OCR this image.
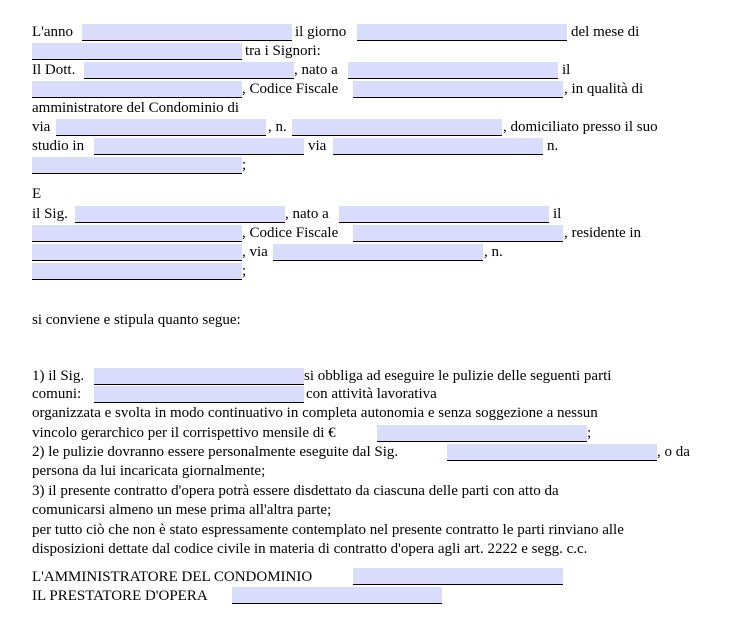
L'anno	il giorno	del mese di
tra i Signori:
Il Dott.	, nato a	il
, Codice Fiscale	, in qualità di
amministratore del Condominio di
via	, n.	, domiciliato presso il suo
studio in	via	n.
;
E
il Sig.	, nato a	il
, Codice Fiscale	, residente in
, via	, n.
;
si conviene e stipula quanto segue:
1) il Sig.	si obbliga ad eseguire le pulizie delle seguenti parti
comuni:	con attività lavorativa
organizzata e svolta in modo continuativo in completa autonomia e senza soggezione a nessun
vincolo gerarchico per il corrispettivo mensile di €	;
2) le pulizie dovranno essere personalmente eseguite dal Sig.	, o da
persona da lui incaricata giornalmente;
3) il presente contratto d'opera potrà essere disdettato da ciascuna delle parti con atto da
comunicarsi almeno un mese prima all'altra parte;
per tutto ciò che non è stato espressamente contemplato nel presente contratto le parti rinviano alle
disposizioni dettate dal codice civile in materia di contratto d'opera agli art. 2222 e segg. c.c.
L'AMMINISTRATORE DEL CONDOMINIO
IL PRESTATORE D'OPERA
